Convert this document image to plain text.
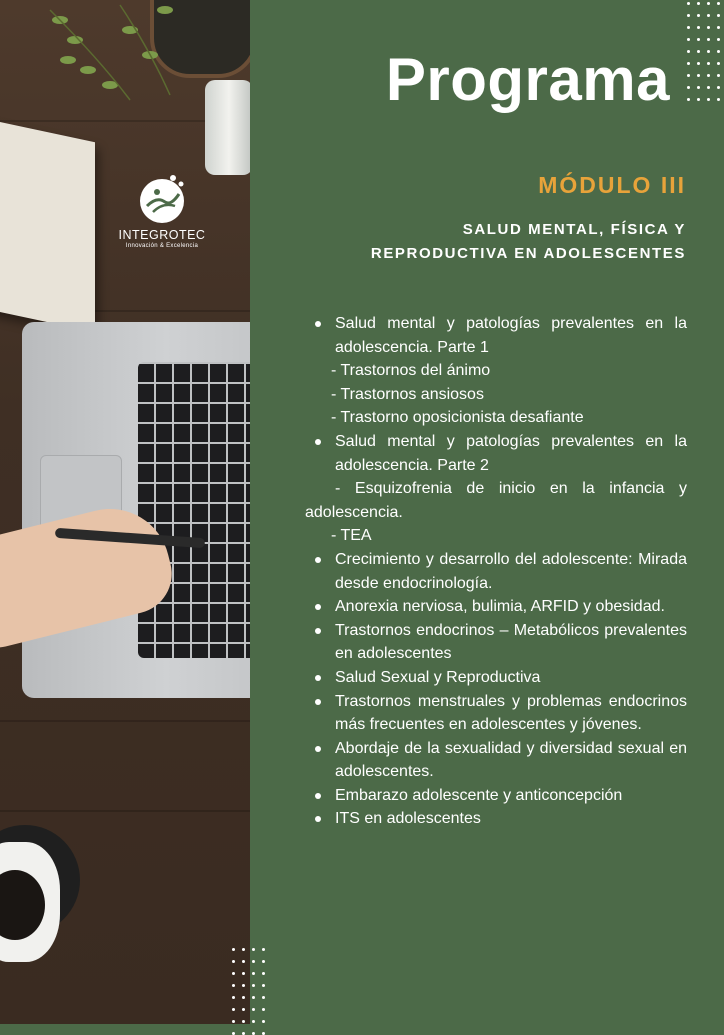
INTEGROTEC
Innovación & Excelencia
Programa
MÓDULO III
SALUD MENTAL, FÍSICA Y
REPRODUCTIVA EN ADOLESCENTES
Salud mental y patologías prevalentes en la adolescencia. Parte 1
- Trastornos del ánimo
- Trastornos ansiosos
- Trastorno oposicionista desafiante
Salud mental y patologías prevalentes en la adolescencia. Parte 2
- Esquizofrenia de inicio en la infancia y adolescencia.
- TEA
Crecimiento y desarrollo del adolescente: Mirada desde endocrinología.
Anorexia nerviosa, bulimia, ARFID y obesidad.
Trastornos endocrinos – Metabólicos prevalentes en adolescentes
Salud Sexual y Reproductiva
Trastornos menstruales y problemas endocrinos más frecuentes en adolescentes y jóvenes.
Abordaje de la sexualidad y diversidad sexual en adolescentes.
Embarazo adolescente y anticoncepción
ITS en adolescentes
